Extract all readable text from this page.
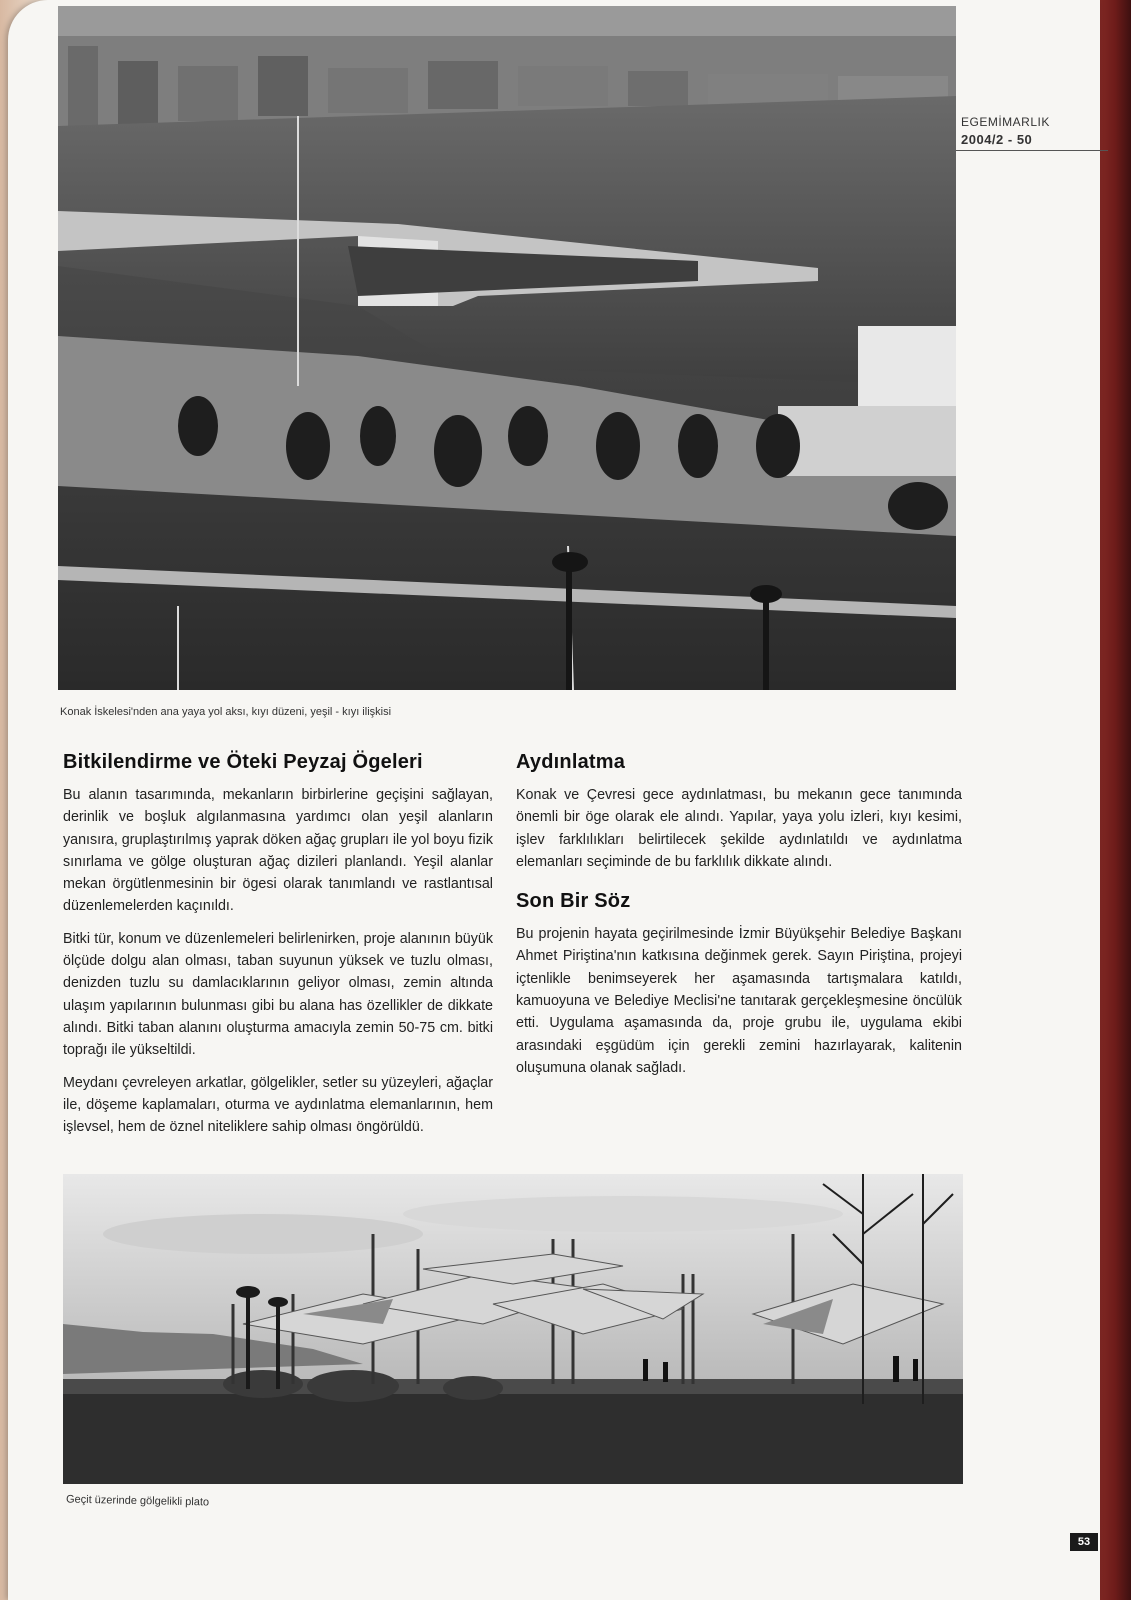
EGEMİMARLIK
2004/2 - 50
Konak İskelesi'nden ana yaya yol aksı, kıyı düzeni, yeşil - kıyı ilişkisi
Bitkilendirme ve Öteki Peyzaj Ögeleri

Bu alanın tasarımında, mekanların birbirlerine geçişini sağlayan, derinlik ve boşluk algılanmasına yardımcı olan yeşil alanların yanısıra, gruplaştırılmış yaprak döken ağaç grupları ile yol boyu fizik sınırlama ve gölge oluşturan ağaç dizileri planlandı. Yeşil alanlar mekan örgütlenmesinin bir ögesi olarak tanımlandı ve rastlantısal düzenlemelerden kaçınıldı.

Bitki tür, konum ve düzenlemeleri belirlenirken, proje alanının büyük ölçüde dolgu alan olması, taban suyunun yüksek ve tuzlu olması, denizden tuzlu su damlacıklarının geliyor olması, zemin altında ulaşım yapılarının bulunması gibi bu alana has özellikler de dikkate alındı. Bitki taban alanını oluşturma amacıyla zemin 50-75 cm. bitki toprağı ile yükseltildi.

Meydanı çevreleyen arkatlar, gölgelikler, setler su yüzeyleri, ağaçlar ile, döşeme kaplamaları, oturma ve aydınlatma elemanlarının, hem işlevsel, hem de öznel niteliklere sahip olması öngörüldü.

Aydınlatma

Konak ve Çevresi gece aydınlatması, bu mekanın gece tanımında önemli bir öge olarak ele alındı. Yapılar, yaya yolu izleri, kıyı kesimi, işlev farklılıkları belirtilecek şekilde aydınlatıldı ve aydınlatma elemanları seçiminde de bu farklılık dikkate alındı.

Son Bir Söz

Bu projenin hayata geçirilmesinde İzmir Büyükşehir Belediye Başkanı Ahmet Piriştina'nın katkısına değinmek gerek. Sayın Piriştina, projeyi içtenlikle benimseyerek her aşamasında tartışmalara katıldı, kamuoyuna ve Belediye Meclisi'ne tanıtarak gerçekleşmesine öncülük etti. Uygulama aşamasında da, proje grubu ile, uygulama ekibi arasındaki eşgüdüm için gerekli zemini hazırlayarak, kalitenin oluşumuna olanak sağladı.

Geçit üzerinde gölgelikli plato
53
